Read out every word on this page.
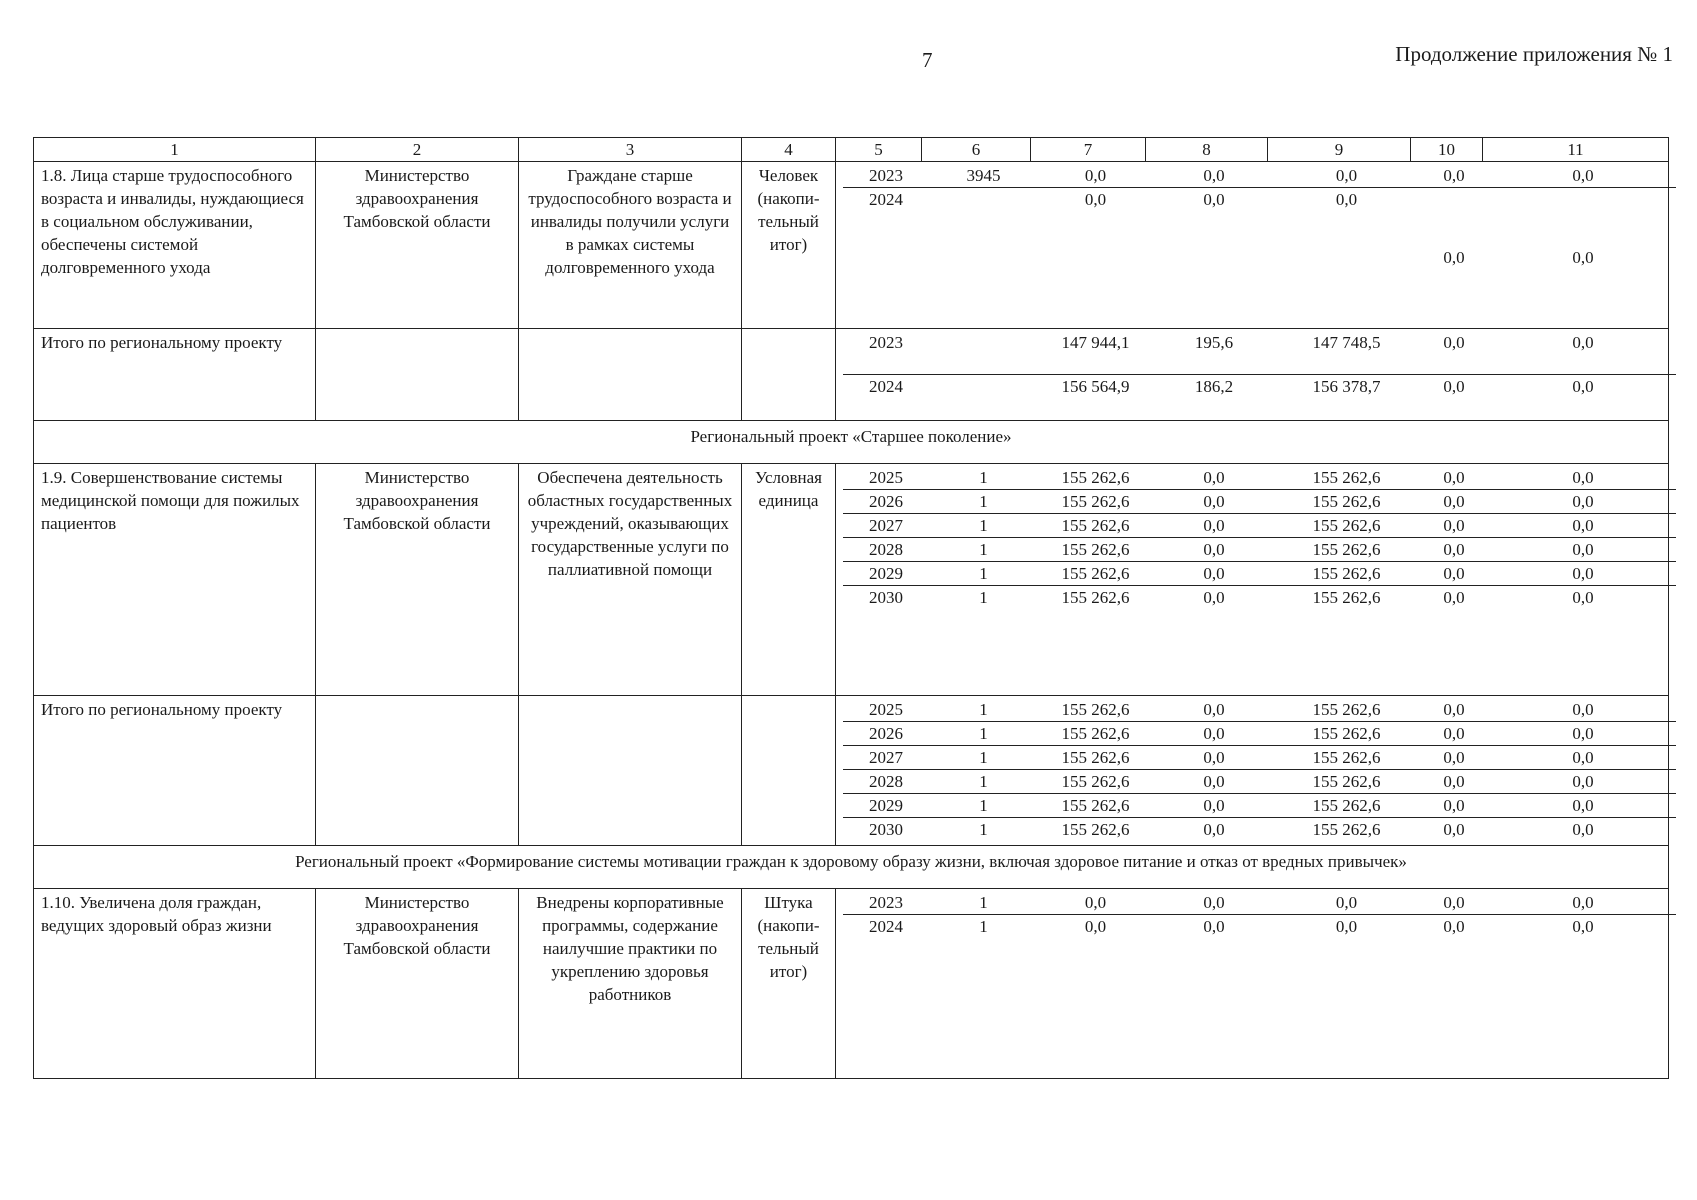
7	Продолжение приложения № 1
1	2	3	4	5	6	7	8	9	10	11
1.8. Лица старше трудоспособного возраста и инвалиды, нуждающиеся в социальном обслуживании, обеспечены системой долговременного ухода	Министерство здравоохранения Тамбовской области	Граждане старше трудоспособного возраста и инвалиды получили услуги в рамках системы долговременного ухода	Человек (накопи-тельный итог)	
2023	3945	0,0	0,0	0,0	0,0	0,0
2024		0,0	0,0	0,0	0,0	0,0

Итого по региональному проекту					2023		147 944,1	195,6	147 748,5	0,0	0,0
2024		156 564,9	186,2	156 378,7	0,0	0,0

Региональный проект «Старшее поколение»
1.9. Совершенствование системы медицинской помощи для пожилых пациентов	Министерство здравоохранения Тамбовской области	Обеспечена деятельность областных государственных учреждений, оказывающих государственные услуги по паллиативной помощи	Условная единица	
2025	1	155 262,6	0,0	155 262,6	0,0	0,0
2026	1	155 262,6	0,0	155 262,6	0,0	0,0
2027	1	155 262,6	0,0	155 262,6	0,0	0,0
2028	1	155 262,6	0,0	155 262,6	0,0	0,0
2029	1	155 262,6	0,0	155 262,6	0,0	0,0
2030	1	155 262,6	0,0	155 262,6	0,0	0,0

Итого по региональному проекту					2025	1	155 262,6	0,0	155 262,6	0,0	0,0
2026	1	155 262,6	0,0	155 262,6	0,0	0,0
2027	1	155 262,6	0,0	155 262,6	0,0	0,0
2028	1	155 262,6	0,0	155 262,6	0,0	0,0
2029	1	155 262,6	0,0	155 262,6	0,0	0,0
2030	1	155 262,6	0,0	155 262,6	0,0	0,0

Региональный проект «Формирование системы мотивации граждан к здоровому образу жизни, включая здоровое питание и отказ от вредных привычек»
1.10. Увеличена доля граждан, ведущих здоровый образ жизни	Министерство здравоохранения Тамбовской области	Внедрены корпоративные программы, содержание наилучшие практики по укреплению здоровья работников	Штука (накопи-тельный итог)	
2023	1	0,0	0,0	0,0	0,0	0,0
2024	1	0,0	0,0	0,0	0,0	0,0
